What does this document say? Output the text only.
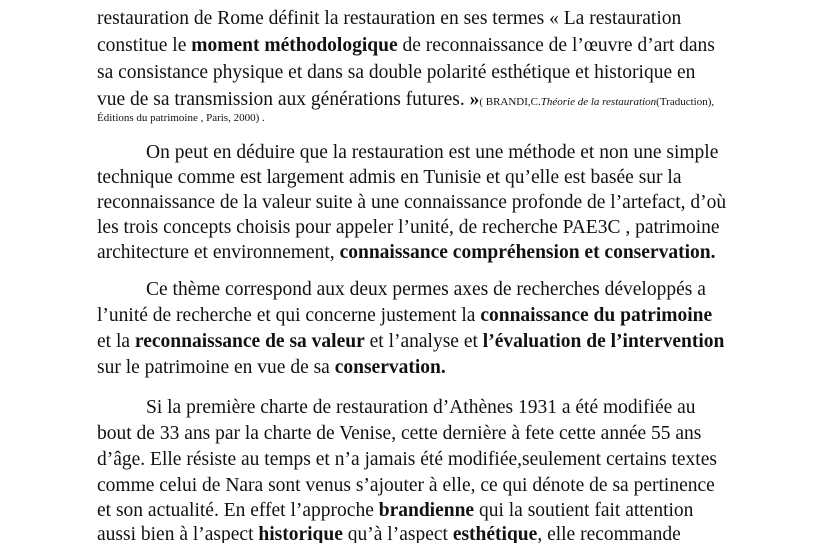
restauration de Rome définit la restauration en ses termes « La restauration
constitue le moment méthodologique de reconnaissance de l’œuvre d’art dans
sa consistance physique et dans sa double polarité esthétique et historique en
vue de sa transmission aux générations futures. »( BRANDI,C.Théorie de la restauration(Traduction),
Éditions du patrimoine , Paris, 2000) .
On peut en déduire que la restauration est une méthode et non une simple
technique comme est largement admis en Tunisie et qu’elle est basée sur la
reconnaissance de la valeur suite à une connaissance profonde de l’artefact, d’où
les trois concepts choisis pour appeler l’unité, de recherche PAE3C , patrimoine
architecture et environnement, connaissance compréhension et conservation.
Ce thème correspond aux deux permes axes de recherches développés a
l’unité de recherche et qui concerne justement la connaissance du patrimoine
et la reconnaissance de sa valeur et l’analyse et l’évaluation de l’intervention
sur le patrimoine en vue de sa conservation.
Si la première charte de restauration d’Athènes 1931 a été modifiée au
bout de 33 ans par la charte de Venise, cette dernière à fete cette année 55 ans
d’âge. Elle résiste au temps et n’a jamais été modifiée,seulement certains textes
comme celui de Nara sont venus s’ajouter à elle, ce qui dénote de sa pertinence
et son actualité. En effet l’approche brandienne qui la soutient fait attention
aussi bien à l’aspect historique qu’à l’aspect esthétique, elle recommande
